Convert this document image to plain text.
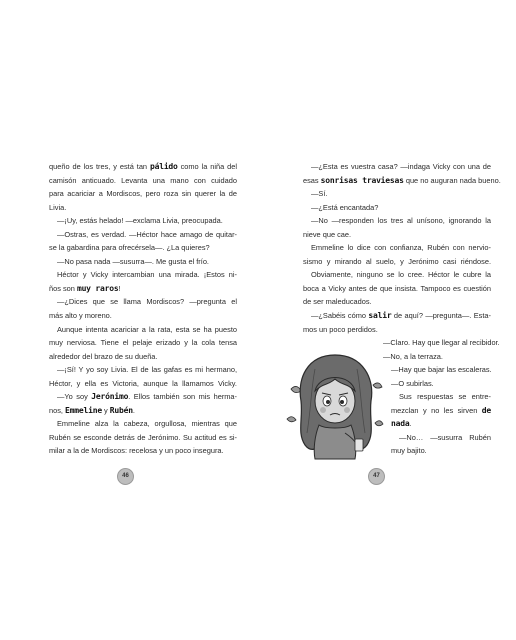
queño de los tres, y está tan pálido como la niña del
camisón anticuado. Levanta una mano con cuidado
para acariciar a Mordiscos, pero roza sin querer la de
Livia.
—¡Uy, estás helado! —exclama Livia, preocupada.
—Ostras, es verdad. —Héctor hace amago de quitar-
se la gabardina para ofrecérsela—. ¿La quieres?
—No pasa nada —susurra—. Me gusta el frío.
Héctor y Vicky intercambian una mirada. ¡Estos ni-
ños son muy raros!
—¿Dices que se llama Mordiscos? —pregunta el
más alto y moreno.
Aunque intenta acariciar a la rata, esta se ha puesto
muy nerviosa. Tiene el pelaje erizado y la cola tensa
alrededor del brazo de su dueña.
—¡Sí! Y yo soy Livia. El de las gafas es mi hermano,
Héctor, y ella es Victoria, aunque la llamamos Vicky.
—Yo soy Jerónimo. Ellos también son mis herma-
nos, Emmeline y Rubén.
Emmeline alza la cabeza, orgullosa, mientras que
Rubén se esconde detrás de Jerónimo. Su actitud es si-
milar a la de Mordiscos: recelosa y un poco insegura.
46
—¿Esta es vuestra casa? —indaga Vicky con una de
esas sonrisas traviesas que no auguran nada bueno.
—Sí.
—¿Está encantada?
—No —responden los tres al unísono, ignorando la
nieve que cae.
Emmeline lo dice con confianza, Rubén con nervio-
sismo y mirando al suelo, y Jerónimo casi riéndose.
Obviamente, ninguno se lo cree. Héctor le cubre la
boca a Vicky antes de que insista. Tampoco es cuestión
de ser maleducados.
—¿Sabéis cómo salir de aquí? —pregunta—. Esta-
mos un poco perdidos.
—Claro. Hay que llegar al recibidor.
—No, a la terraza.
—Hay que bajar las escaleras.
—O subirlas.
Sus respuestas se entre-
mezclan y no les sirven de
nada.
—No… —susurra Rubén
muy bajito.
47
